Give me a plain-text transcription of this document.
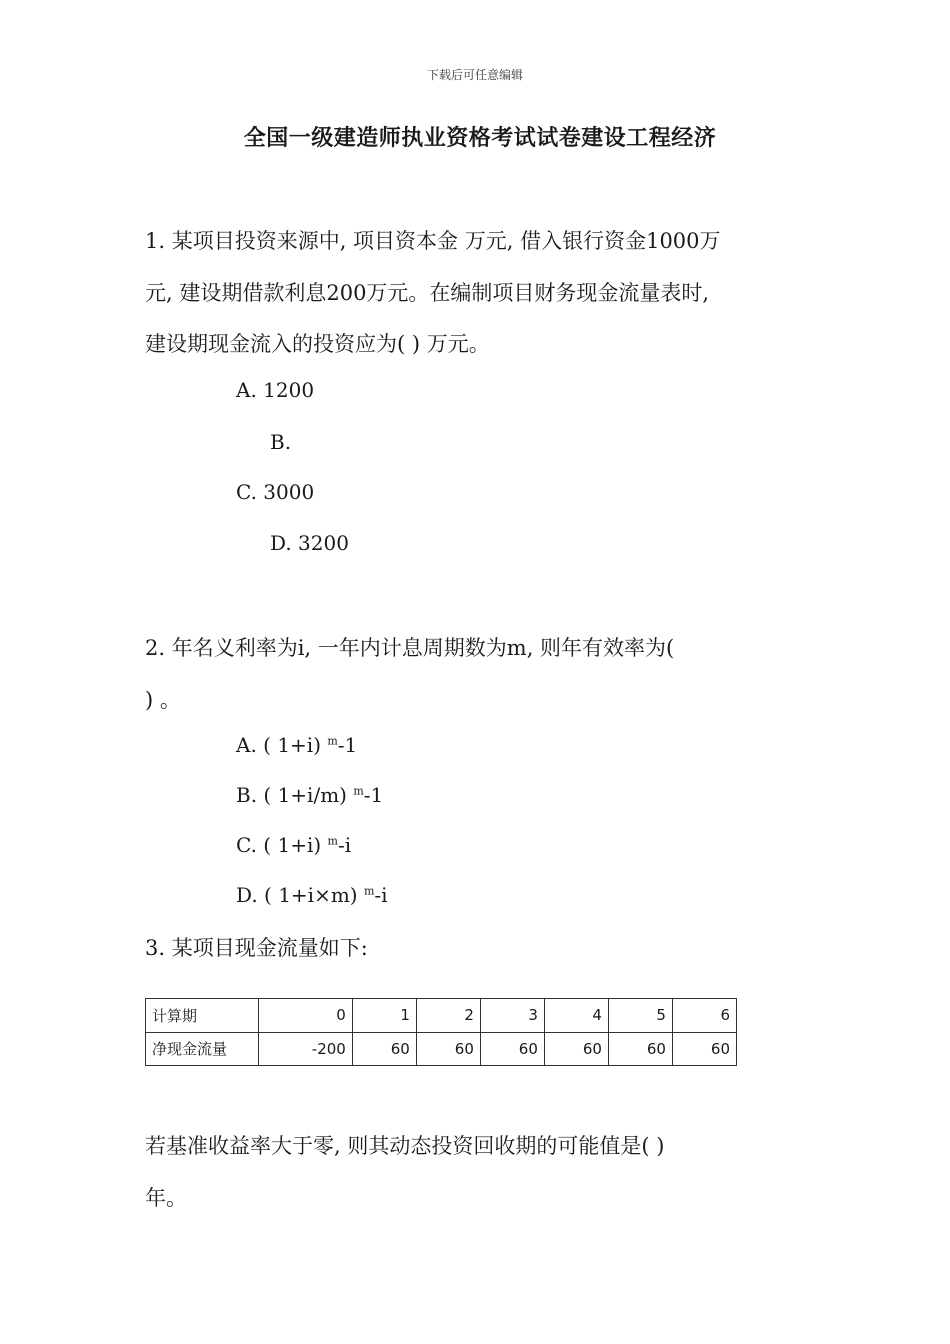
下载后可任意编辑
全国一级建造师执业资格考试试卷建设工程经济
1. 某项目投资来源中, 项目资本金 万元, 借入银行资金1000万
元, 建设期借款利息200万元。在编制项目财务现金流量表时,
建设期现金流入的投资应为( ) 万元。
A. 1200
B.
C. 3000
D. 3200
2. 年名义利率为i, 一年内计息周期数为m, 则年有效率为(
) 。
A. ( 1+i) $^m$-1
B. ( 1+i/m) $^m$-1
C. ( 1+i) $^m$-i
D. ( 1+i×m) $^m$-i
3. 某项目现金流量如下:
计算期	0	1	2	3	4	5	6
净现金流量	-200	60	60	60	60	60	60
若基准收益率大于零, 则其动态投资回收期的可能值是( )
年。
